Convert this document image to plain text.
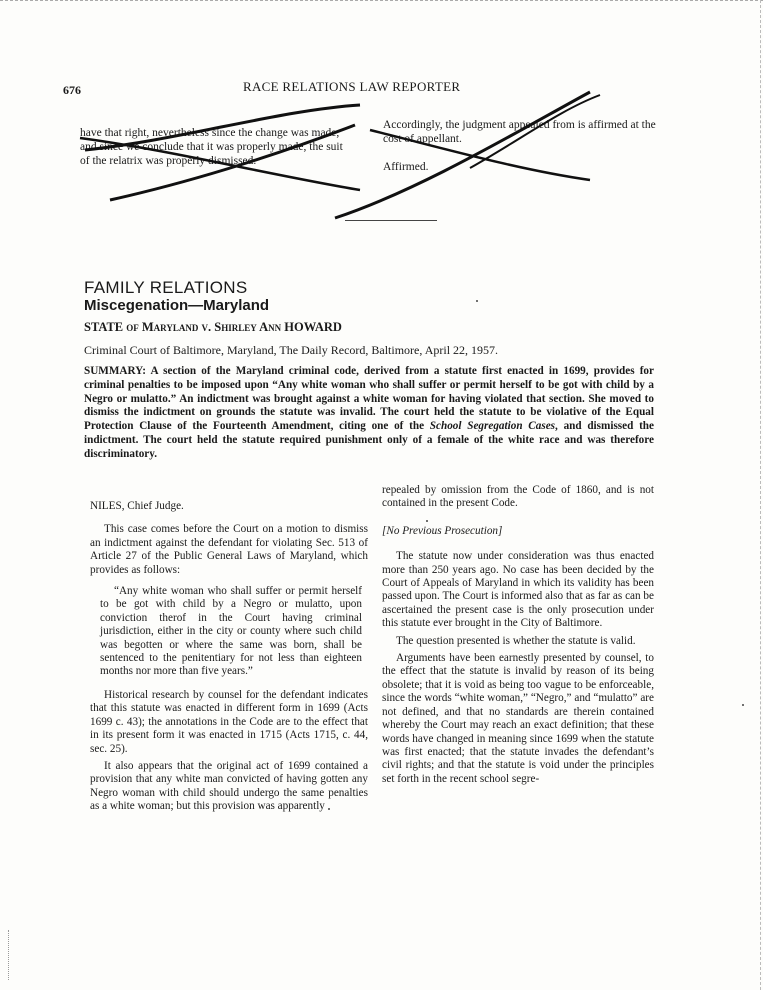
676	RACE RELATIONS LAW REPORTER

have that right, nevertheless since the change was made, and since we conclude that it was properly made, the suit of the relatrix was properly dismissed.

Accordingly, the judgment appealed from is affirmed at the cost of appellant.

Affirmed.

FAMILY RELATIONS
Miscegenation—Maryland
STATE of Maryland v. Shirley Ann HOWARD
Criminal Court of Baltimore, Maryland, The Daily Record, Baltimore, April 22, 1957.
SUMMARY: A section of the Maryland criminal code, derived from a statute first enacted in 1699, provides for criminal penalties to be imposed upon “Any white woman who shall suffer or permit herself to be got with child by a Negro or mulatto.” An indictment was brought against a white woman for having violated that section. She moved to dismiss the indictment on grounds the statute was invalid. The court held the statute to be violative of the Equal Protection Clause of the Fourteenth Amendment, citing one of the School Segregation Cases, and dismissed the indictment. The court held the statute required punishment only of a female of the white race and was therefore discriminatory.

NILES, Chief Judge.

This case comes before the Court on a motion to dismiss an indictment against the defendant for violating Sec. 513 of Article 27 of the Public General Laws of Maryland, which provides as follows:

“Any white woman who shall suffer or permit herself to be got with child by a Negro or mulatto, upon conviction therof in the Court having criminal jurisdiction, either in the city or county where such child was begotten or where the same was born, shall be sentenced to the penitentiary for not less than eighteen months nor more than five years.”

Historical research by counsel for the defendant indicates that this statute was enacted in different form in 1699 (Acts 1699 c. 43); the annotations in the Code are to the effect that in its present form it was enacted in 1715 (Acts 1715, c. 44, sec. 25).

It also appears that the original act of 1699 contained a provision that any white man convicted of having gotten any Negro woman with child should undergo the same penalties as a white woman; but this provision was apparently

repealed by omission from the Code of 1860, and is not contained in the present Code.

[No Previous Prosecution]

The statute now under consideration was thus enacted more than 250 years ago. No case has been decided by the Court of Appeals of Maryland in which its validity has been passed upon. The Court is informed also that as far as can be ascertained the present case is the only prosecution under this statute ever brought in the City of Baltimore.

The question presented is whether the statute is valid.

Arguments have been earnestly presented by counsel, to the effect that the statute is invalid by reason of its being obsolete; that it is void as being too vague to be enforceable, since the words “white woman,” “Negro,” and “mulatto” are not defined, and that no standards are therein contained whereby the Court may reach an exact definition; that these words have changed in meaning since 1699 when the statute was first enacted; that the statute invades the defendant’s civil rights; and that the statute is void under the principles set forth in the recent school segre-
